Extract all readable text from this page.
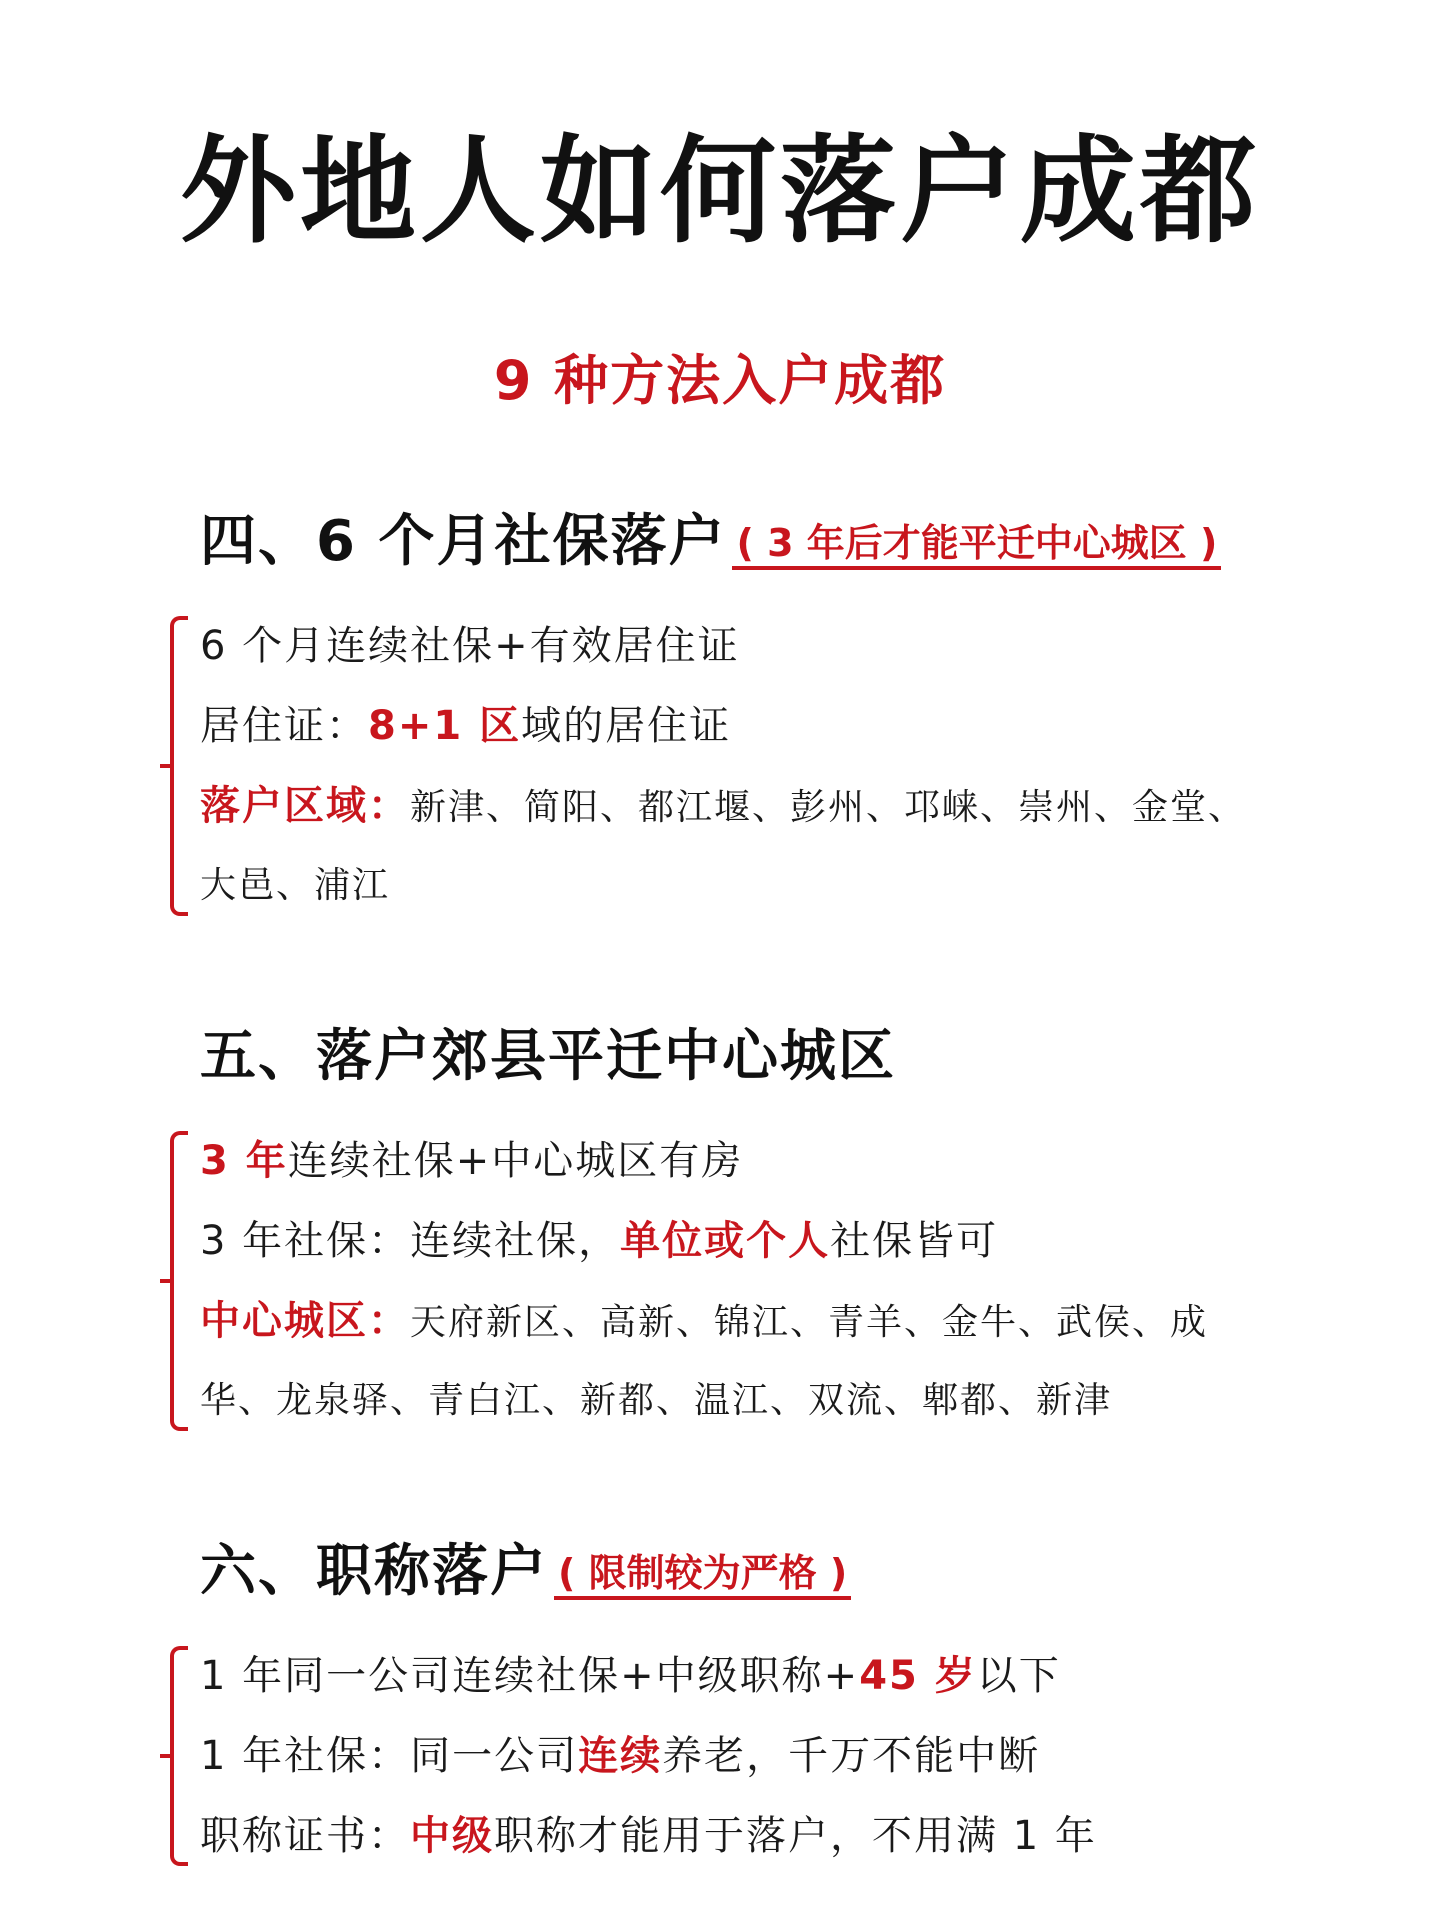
外地人如何落户成都
9 种方法入户成都
四、6 个月社保落户 ( 3 年后才能平迁中心城区 )
6 个月连续社保+有效居住证
居住证：8+1 区域的居住证
落户区域：新津、简阳、都江堰、彭州、邛崃、崇州、金堂、
大邑、浦江
五、落户郊县平迁中心城区
3 年连续社保+中心城区有房
3 年社保：连续社保，单位或个人社保皆可
中心城区：天府新区、高新、锦江、青羊、金牛、武侯、成
华、龙泉驿、青白江、新都、温江、双流、郫都、新津
六、职称落户 ( 限制较为严格 )
1 年同一公司连续社保+中级职称+45 岁以下
1 年社保：同一公司连续养老，千万不能中断
职称证书：中级职称才能用于落户，不用满 1 年
